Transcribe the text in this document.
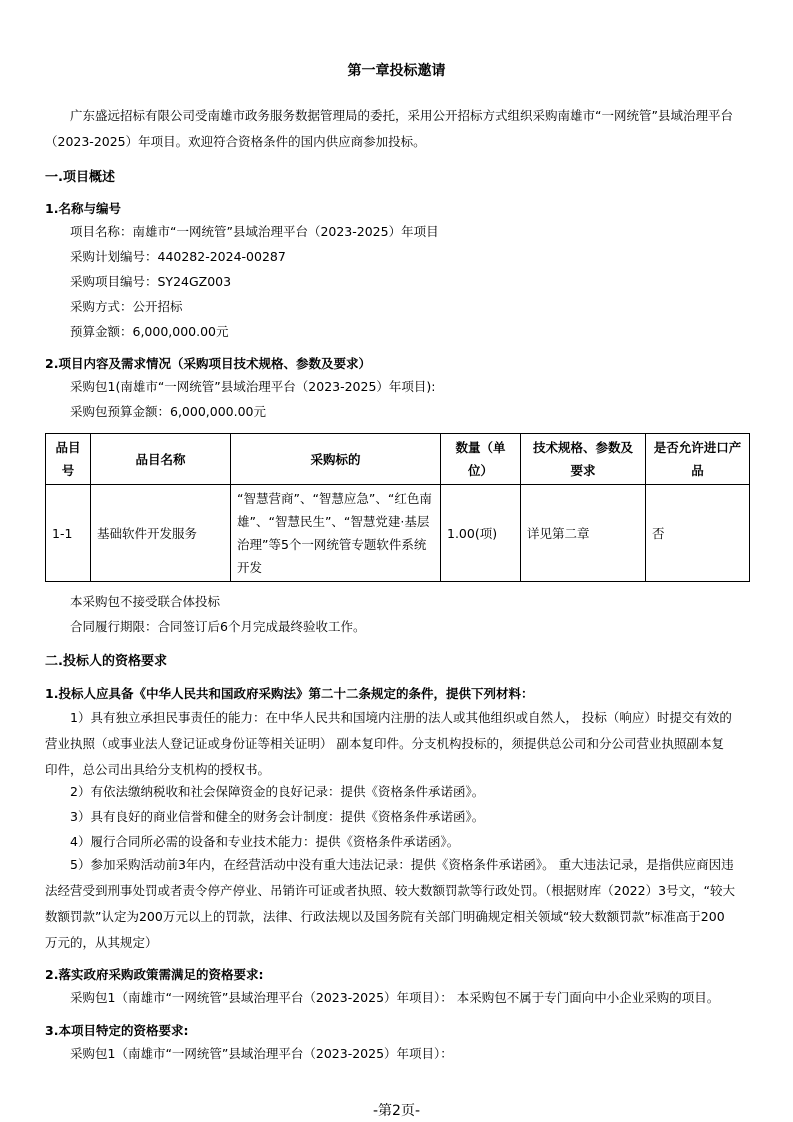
第一章投标邀请
广东盛远招标有限公司受南雄市政务服务数据管理局的委托，采用公开招标方式组织采购南雄市“一网统管”县域治理平台（2023-2025）年项目。欢迎符合资格条件的国内供应商参加投标。
一.项目概述
1.名称与编号
项目名称：南雄市“一网统管”县域治理平台（2023-2025）年项目
采购计划编号：440282-2024-00287
采购项目编号：SY24GZ003
采购方式：公开招标
预算金额：6,000,000.00元
2.项目内容及需求情况（采购项目技术规格、参数及要求）
采购包1(南雄市“一网统管”县域治理平台（2023-2025）年项目):
采购包预算金额：6,000,000.00元
品目号	品目名称	采购标的	数量（单位）	技术规格、参数及要求	是否允许进口产品
1-1	基础软件开发服务	“智慧营商”、“智慧应急”、“红色南雄”、“智慧民生”、“智慧党建·基层治理”等5个一网统管专题软件系统开发	1.00(项)	详见第二章	否
本采购包不接受联合体投标
合同履行期限：合同签订后6个月完成最终验收工作。
二.投标人的资格要求
1.投标人应具备《中华人民共和国政府采购法》第二十二条规定的条件，提供下列材料：
1）具有独立承担民事责任的能力：在中华人民共和国境内注册的法人或其他组织或自然人， 投标（响应）时提交有效的营业执照（或事业法人登记证或身份证等相关证明） 副本复印件。分支机构投标的，须提供总公司和分公司营业执照副本复印件，总公司出具给分支机构的授权书。
2）有依法缴纳税收和社会保障资金的良好记录：提供《资格条件承诺函》。
3）具有良好的商业信誉和健全的财务会计制度：提供《资格条件承诺函》。
4）履行合同所必需的设备和专业技术能力：提供《资格条件承诺函》。
5）参加采购活动前3年内，在经营活动中没有重大违法记录：提供《资格条件承诺函》。 重大违法记录，是指供应商因违法经营受到刑事处罚或者责令停产停业、吊销许可证或者执照、较大数额罚款等行政处罚。（根据财库（2022）3号文，“较大数额罚款”认定为200万元以上的罚款，法律、行政法规以及国务院有关部门明确规定相关领域“较大数额罚款”标准高于200万元的，从其规定）
2.落实政府采购政策需满足的资格要求:
采购包1（南雄市“一网统管”县域治理平台（2023-2025）年项目）： 本采购包不属于专门面向中小企业采购的项目。
3.本项目特定的资格要求:
采购包1（南雄市“一网统管”县域治理平台（2023-2025）年项目）：
-第2页-
